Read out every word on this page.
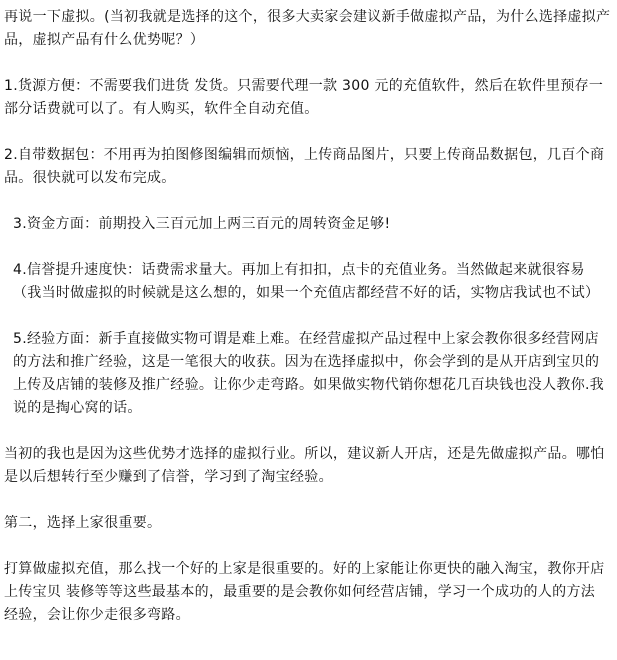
再说一下虚拟。(当初我就是选择的这个，很多大卖家会建议新手做虚拟产品，为什么选择虚拟产品，虚拟产品有什么优势呢？）

1.货源方便：不需要我们进货 发货。只需要代理一款 300 元的充值软件，然后在软件里预存一部分话费就可以了。有人购买，软件全自动充值。

2.自带数据包：不用再为拍图修图编辑而烦恼，上传商品图片，只要上传商品数据包，几百个商品。很快就可以发布完成。

3.资金方面：前期投入三百元加上两三百元的周转资金足够!

4.信誉提升速度快：话费需求量大。再加上有扣扣，点卡的充值业务。当然做起来就很容易（我当时做虚拟的时候就是这么想的，如果一个充值店都经营不好的话，实物店我试也不试）

5.经验方面：新手直接做实物可谓是难上难。在经营虚拟产品过程中上家会教你很多经营网店的方法和推广经验，这是一笔很大的收获。因为在选择虚拟中，你会学到的是从开店到宝贝的上传及店铺的装修及推广经验。让你少走弯路。如果做实物代销你想花几百块钱也没人教你.我说的是掏心窝的话。

当初的我也是因为这些优势才选择的虚拟行业。所以，建议新人开店，还是先做虚拟产品。哪怕是以后想转行至少赚到了信誉，学习到了淘宝经验。

第二，选择上家很重要。

打算做虚拟充值，那么找一个好的上家是很重要的。好的上家能让你更快的融入淘宝，教你开店 上传宝贝 装修等等这些最基本的，最重要的是会教你如何经营店铺，学习一个成功的人的方法 经验，会让你少走很多弯路。
